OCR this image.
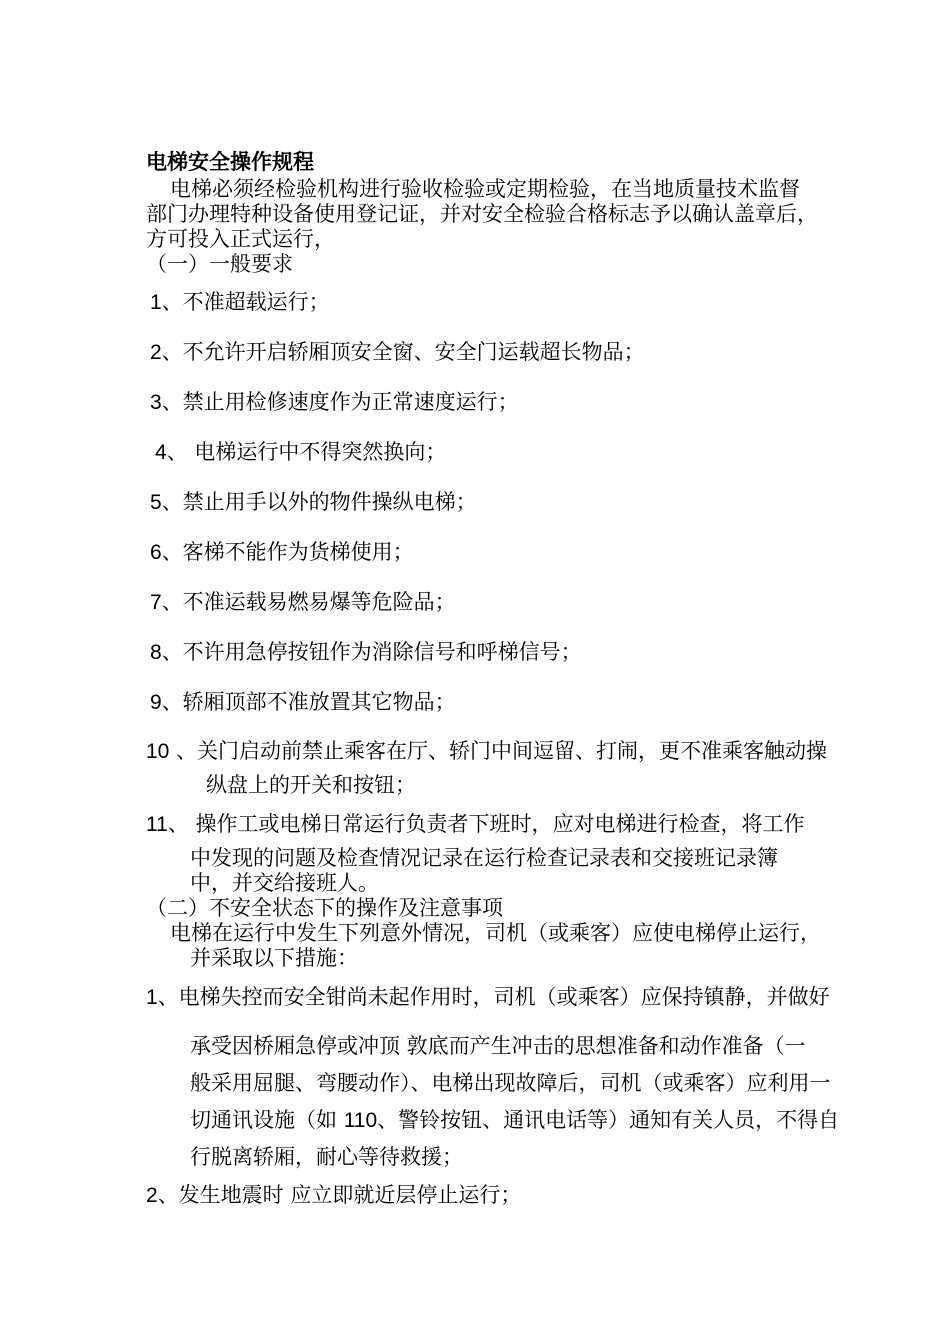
电梯安全操作规程
电梯必须经检验机构进行验收检验或定期检验，在当地质量技术监督
部门办理特种设备使用登记证，并对安全检验合格标志予以确认盖章后，
方可投入正式运行，
（一）一般要求
1、不准超载运行；
2、不允许开启轿厢顶安全窗、安全门运载超长物品；
3、禁止用检修速度作为正常速度运行；
4、 电梯运行中不得突然换向；
5、禁止用手以外的物件操纵电梯；
6、客梯不能作为货梯使用；
7、不准运载易燃易爆等危险品；
8、不许用急停按钮作为消除信号和呼梯信号；
9、轿厢顶部不准放置其它物品；
10 、关门启动前禁止乘客在厅、轿门中间逗留、打闹，更不准乘客触动操
纵盘上的开关和按钮；
11、 操作工或电梯日常运行负责者下班时，应对电梯进行检查，将工作
中发现的问题及检查情况记录在运行检查记录表和交接班记录簿
中，并交给接班人。
（二）不安全状态下的操作及注意事项
电梯在运行中发生下列意外情况，司机（或乘客）应使电梯停止运行，
并采取以下措施：
1、电梯失控而安全钳尚未起作用时，司机（或乘客）应保持镇静，并做好
承受因桥厢急停或冲顶 敦底而产生冲击的思想准备和动作准备（一
般采用屈腿、弯腰动作）、电梯出现故障后，司机（或乘客）应利用一
切通讯设施（如 110、警铃按钮、通讯电话等）通知有关人员，不得自
行脱离轿厢，耐心等待救援；
2、发生地震时 应立即就近层停止运行；
